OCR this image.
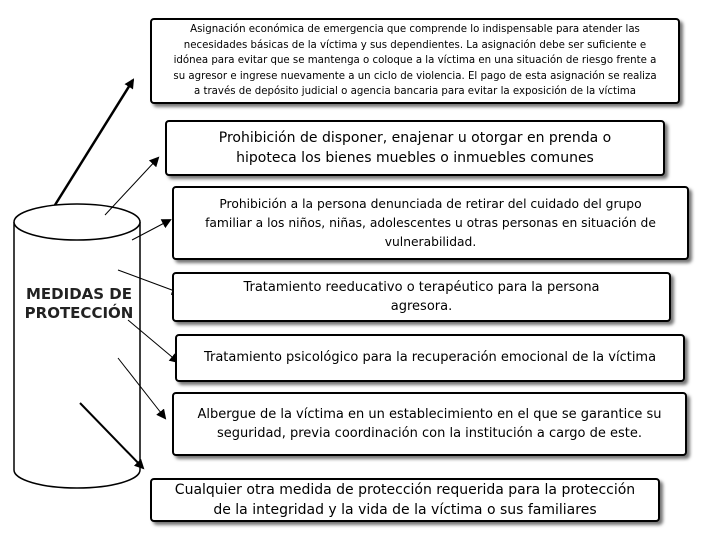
MEDIDAS DE PROTECCIÓN
Asignación económica de emergencia que comprende lo indispensable para atender las
necesidades básicas de la víctima y sus dependientes. La asignación debe ser suficiente e
idónea para evitar que se mantenga o coloque a la víctima en una situación de riesgo frente a
su agresor e ingrese nuevamente a un ciclo de violencia. El pago de esta asignación se realiza
a través de depósito judicial o agencia bancaria para evitar la exposición de la víctima
Prohibición de disponer, enajenar u otorgar en prenda o
hipoteca los bienes muebles o inmuebles comunes
Prohibición a la persona denunciada de retirar del cuidado del grupo
familiar a los niños, niñas, adolescentes u otras personas en situación de
vulnerabilidad.
Tratamiento reeducativo o terapéutico para la persona
agresora.
Tratamiento psicológico para la recuperación emocional de la víctima
Albergue de la víctima en un establecimiento en el que se garantice su
seguridad, previa coordinación con la institución a cargo de este.
Cualquier otra medida de protección requerida para la protección
de la integridad y la vida de la víctima o sus familiares
